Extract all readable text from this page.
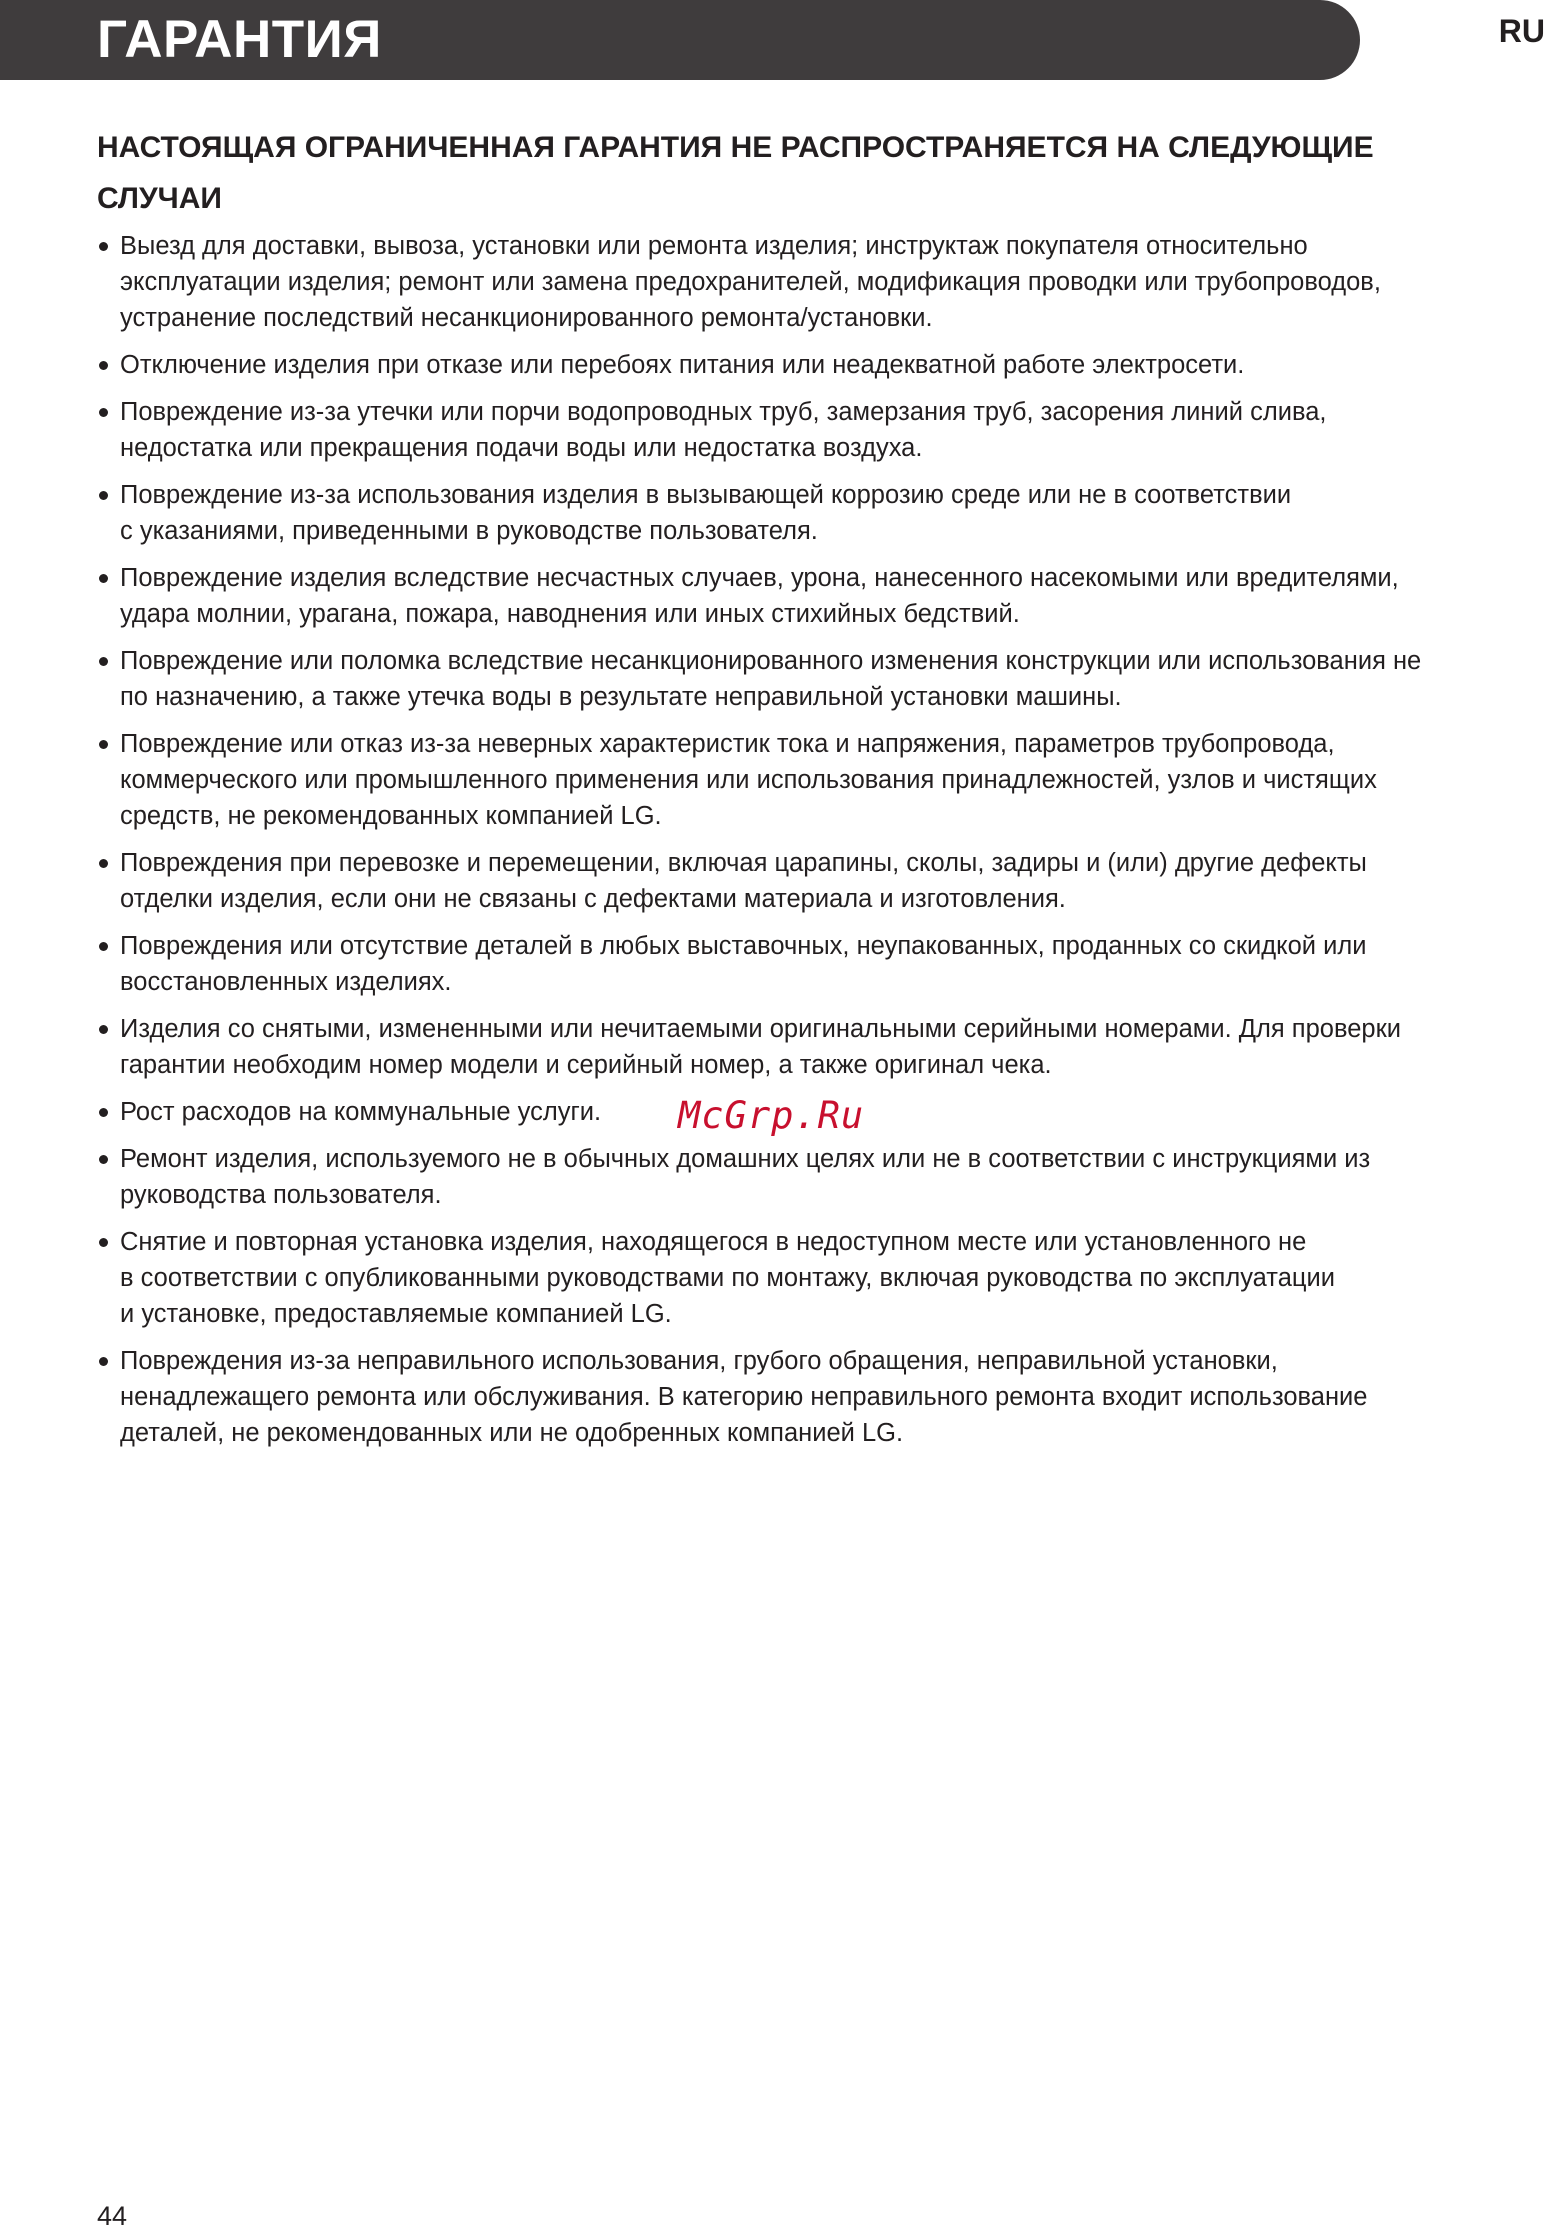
ГАРАНТИЯ	RU
НАСТОЯЩАЯ ОГРАНИЧЕННАЯ ГАРАНТИЯ НЕ РАСПРОСТРАНЯЕТСЯ НА СЛЕДУЮЩИЕ СЛУЧАИ
Выезд для доставки, вывоза, установки или ремонта изделия; инструктаж покупателя относительно
эксплуатации изделия; ремонт или замена предохранителей, модификация проводки или трубопроводов,
устранение последствий несанкционированного ремонта/установки.
Отключение изделия при отказе или перебоях питания или неадекватной работе электросети.
Повреждение из-за утечки или порчи водопроводных труб, замерзания труб, засорения линий слива,
недостатка или прекращения подачи воды или недостатка воздуха.
Повреждение из-за использования изделия в вызывающей коррозию среде или не в соответствии
с указаниями, приведенными в руководстве пользователя.
Повреждение изделия вследствие несчастных случаев, урона, нанесенного насекомыми или вредителями,
удара молнии, урагана, пожара, наводнения или иных стихийных бедствий.
Повреждение или поломка вследствие несанкционированного изменения конструкции или использования не
по назначению, а также утечка воды в результате неправильной установки машины.
Повреждение или отказ из-за неверных характеристик тока и напряжения, параметров трубопровода,
коммерческого или промышленного применения или использования принадлежностей, узлов и чистящих
средств, не рекомендованных компанией LG.
Повреждения при перевозке и перемещении, включая царапины, сколы, задиры и (или) другие дефекты
отделки изделия, если они не связаны с дефектами материала и изготовления.
Повреждения или отсутствие деталей в любых выставочных, неупакованных, проданных со скидкой или
восстановленных изделиях.
Изделия со снятыми, измененными или нечитаемыми оригинальными серийными номерами. Для проверки
гарантии необходим номер модели и серийный номер, а также оригинал чека.
Рост расходов на коммунальные услуги.
Ремонт изделия, используемого не в обычных домашних целях или не в соответствии с инструкциями из
руководства пользователя.
Снятие и повторная установка изделия, находящегося в недоступном месте или установленного не
в соответствии с опубликованными руководствами по монтажу, включая руководства по эксплуатации
и установке, предоставляемые компанией LG.
Повреждения из-за неправильного использования, грубого обращения, неправильной установки,
ненадлежащего ремонта или обслуживания. В категорию неправильного ремонта входит использование
деталей, не рекомендованных или не одобренных компанией LG.
McGrp.Ru
44
